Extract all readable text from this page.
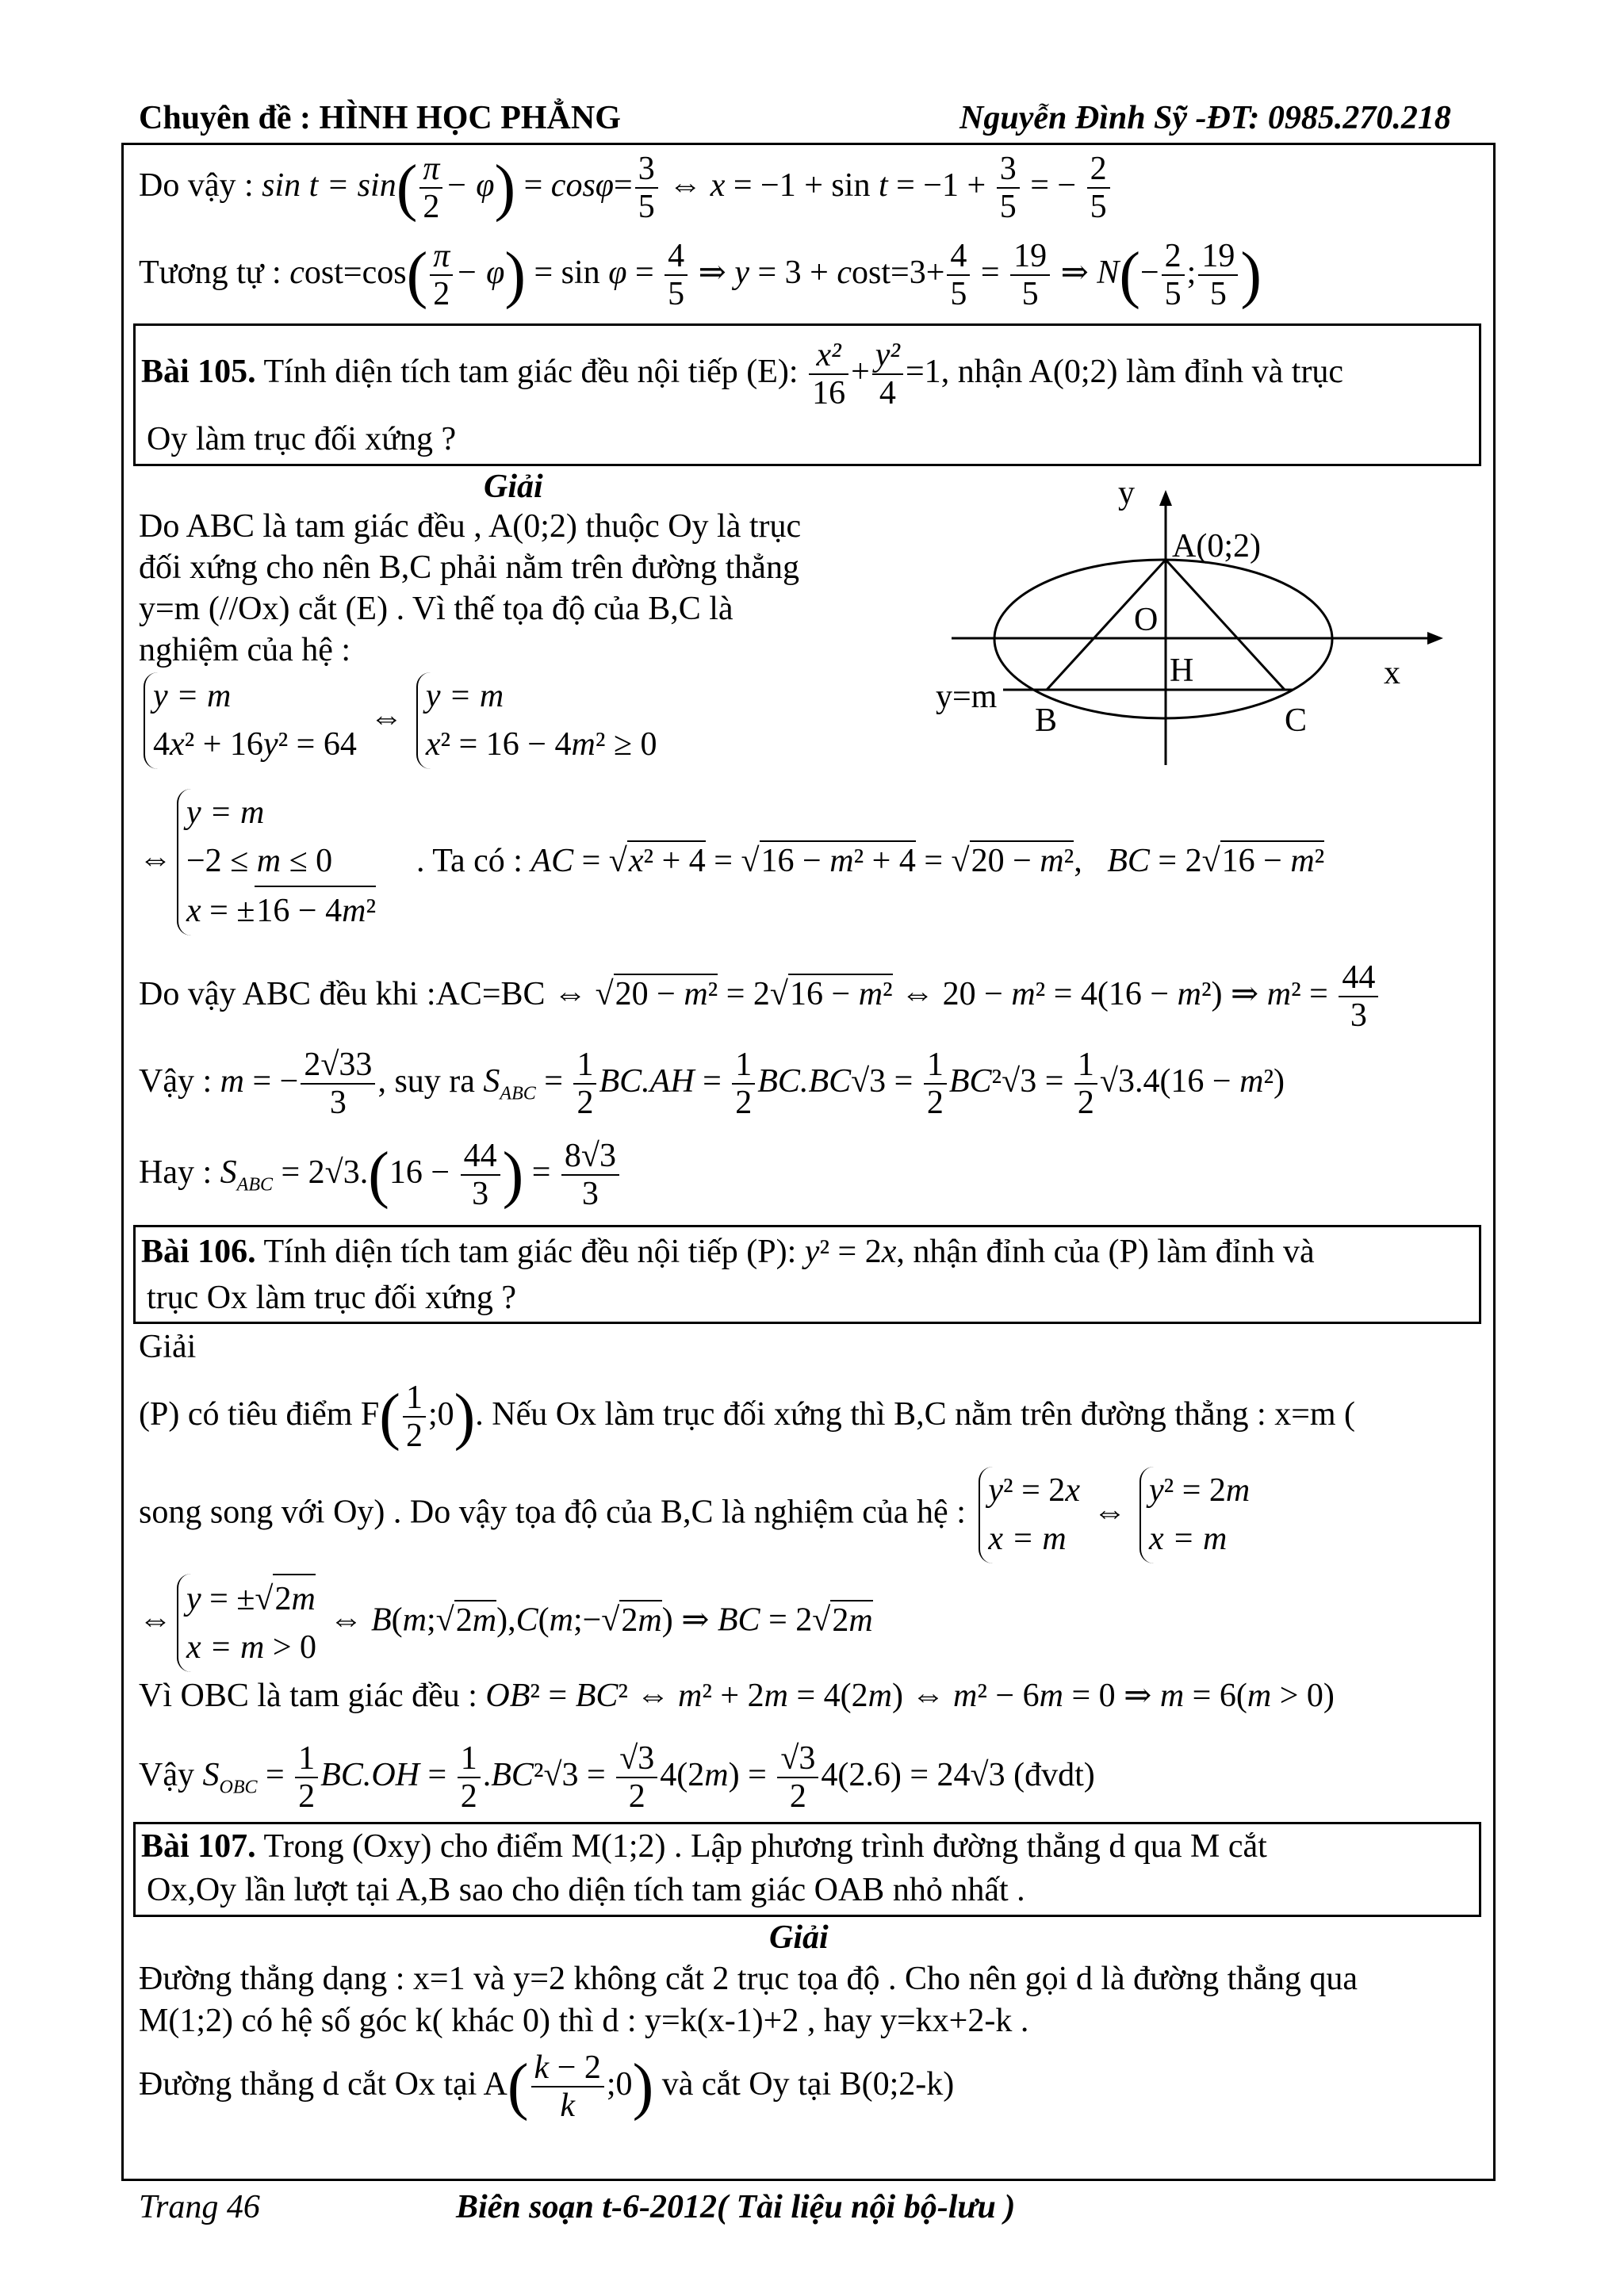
Chuyên đề : HÌNH HỌC PHẲNG	Nguyễn Đình Sỹ -ĐT: 0985.270.218
Do vậy : $\sin t = \sin( \frac{\pi}{2} - \varphi) = \cos\varphi= \frac{3}{5}$ ⇔ $x = -1 + \sin t = -1 + \frac{3}{5}$ = − $\frac{2}{5}$
Tương tự : $\cos t=\cos( \frac{\pi}{2} - \varphi) = \sin \varphi = \frac{4}{5}$ ⇒ $y = 3 + \cos t=3+ \frac{4}{5} = \frac{19}{5}$ ⇒ $N(- \frac{2}{5}$ ; $\frac{19}{5}$ )
Bài 105. Tính diện tích tam giác đều nội tiếp (E): $\frac{\text{x²}}{16} + \frac{\text{y²}}{4} =1$, nhận A(0;2) làm đỉnh và trục
Oy làm trục đối xứng ?
Giải
Do ABC là tam giác đều , A(0;2) thuộc Oy là trục
đối xứng cho nên B,C phải nằm trên đường thẳng
y=m (//Ox) cắt (E) . Vì thế tọa độ của B,C là
nghiệm của hệ :
y = m
4x² + 16y² = 64
⇔
y = m
x² = 16 − 4m² ≥ 0
⇔
y = m
−2 ≤ m ≤ 0
x = ±16 − 4m²
. Ta có : AC = √x² + 4 = √16 − m² + 4 = √20 − m²,   BC = 2√16 − m²
Do vậy ABC đều khi :AC=BC ⇔ √20 − m² = 2√16 − m² ⇔ 20 − m² = 4(16 − m²) ⇒ $m^2 = \frac{44}{3}$
Vậy : m = − $\frac{2√33}{3}$ , suy ra $S_{ABC} = \frac{1}{2} BC.AH = \frac{1}{2} BC.BC√3 = \frac{1}{2} BC^2√3 = \frac{1}{2} √3.4(16 - m^2)$
Hay : $S_{ABC} = 2√3.(16 - \frac{44}{3}$ ) = $\frac{8√3}{3}$
y
A(0;2)
O
H	x
y=m
B	C
Bài 106. Tính diện tích tam giác đều nội tiếp (P): y² = 2x, nhận đỉnh của (P) làm đỉnh và
trục Ox làm trục đối xứng ?
Giải
(P) có tiêu điểm $F( \frac{1}{2}$ ;0). Nếu Ox làm trục đối xứng thì B,C nằm trên đường thẳng : x=m (
song song với Oy) . Do vậy tọa độ của B,C là nghiệm của hệ :
y² = 2x
x = m
⇔
y² = 2m
x = m
⇔
y = ±√2m
x = m > 0
⇔ B(m;√2m),C(m;−√2m) ⇒ BC = 2√2m
Vì OBC là tam giác đều : OB² = BC² ⇔ m² + 2m = 4(2m) ⇔ m² − 6m = 0 ⇒ m = 6(m > 0)
Vậy $S_{OBC} = \frac{1}{2} BC.OH = \frac{1}{2} .BC^2√3 = \frac{√3}{2} 4(2m) = \frac{√3}{2} 4(2.6) = 24√3$ (đvdt)
Bài 107. Trong (Oxy) cho điểm M(1;2) . Lập phương trình đường thẳng d qua M cắt
Ox,Oy lần lượt tại A,B sao cho diện tích tam giác OAB nhỏ nhất .
Giải
Đường thẳng dạng : x=1 và y=2 không cắt 2 trục tọa độ . Cho nên gọi d là đường thẳng qua
M(1;2) có hệ số góc k( khác 0) thì d : y=k(x-1)+2 , hay y=kx+2-k .
Đường thẳng d cắt Ox tại $A( \frac{k - 2}{k}$ ;0) và cắt Oy tại B(0;2-k)
Trang 46	Biên soạn t-6-2012( Tài liệu nội bộ-lưu )
